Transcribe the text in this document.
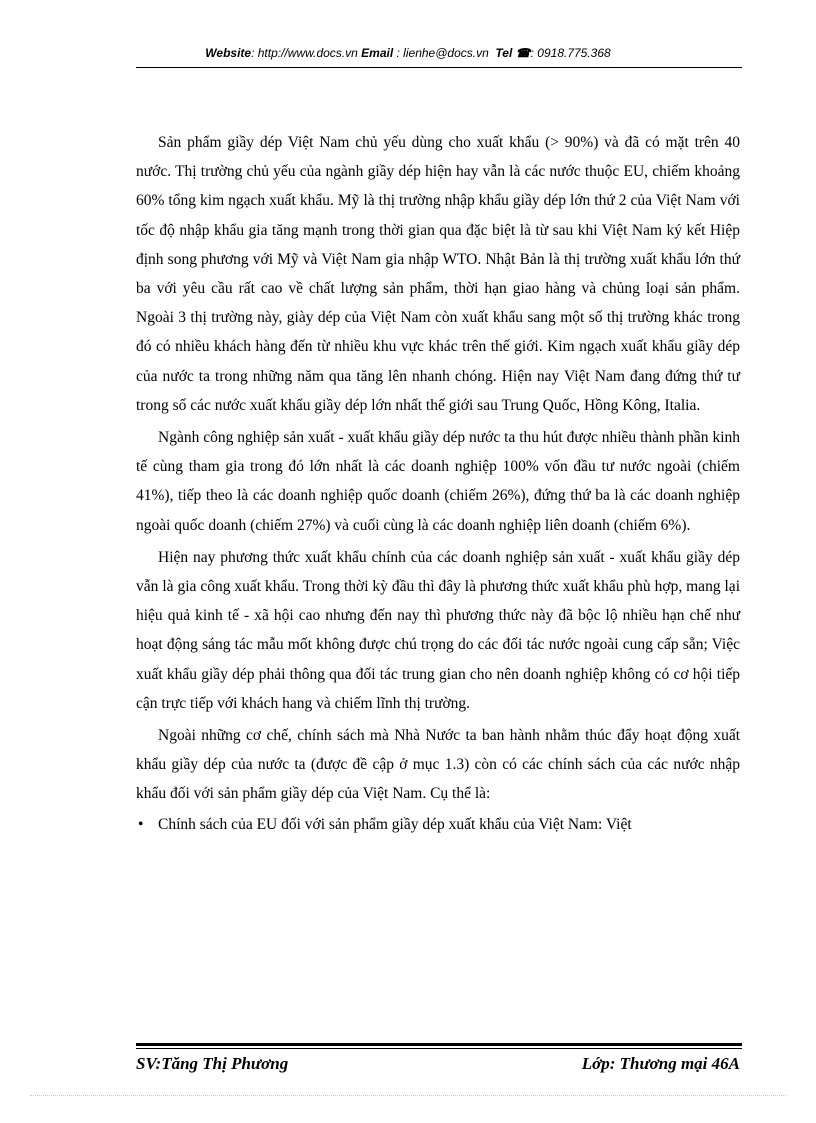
Website: http://www.docs.vn Email : lienhe@docs.vn Tel ☎: 0918.775.368

Sản phẩm giầy dép Việt Nam chủ yếu dùng cho xuất khẩu (> 90%) và đã có mặt trên 40 nước. Thị trường chủ yếu của ngành giầy dép hiện hay vẫn là các nước thuộc EU, chiếm khoảng 60% tổng kim ngạch xuất khẩu. Mỹ là thị trường nhập khẩu giầy dép lớn thứ 2 của Việt Nam với tốc độ nhập khẩu gia tăng mạnh trong thời gian qua đặc biệt là từ sau khi Việt Nam ký kết Hiệp định song phương với Mỹ và Việt Nam gia nhập WTO. Nhật Bản là thị trường xuất khẩu lớn thứ ba với yêu cầu rất cao về chất lượng sản phẩm, thời hạn giao hàng và chủng loại sản phẩm. Ngoài 3 thị trường này, giày dép của Việt Nam còn xuất khẩu sang một số thị trường khác trong đó có nhiều khách hàng đến từ nhiều khu vực khác trên thế giới. Kim ngạch xuất khẩu giầy dép của nước ta trong những năm qua tăng lên nhanh chóng. Hiện nay Việt Nam đang đứng thứ tư trong số các nước xuất khẩu giầy dép lớn nhất thế giới sau Trung Quốc, Hồng Kông, Italia.

Ngành công nghiệp sản xuất - xuất khẩu giầy dép nước ta thu hút được nhiều thành phần kinh tế cùng tham gia trong đó lớn nhất là các doanh nghiệp 100% vốn đầu tư nước ngoài (chiếm 41%), tiếp theo là các doanh nghiệp quốc doanh (chiếm 26%), đứng thứ ba là các doanh nghiệp ngoài quốc doanh (chiếm 27%) và cuối cùng là các doanh nghiệp liên doanh (chiếm 6%).

Hiện nay phương thức xuất khẩu chính của các doanh nghiệp sản xuất - xuất khẩu giầy dép vẫn là gia công xuất khẩu. Trong thời kỳ đầu thì đây là phương thức xuất khẩu phù hợp, mang lại hiệu quả kinh tế - xã hội cao nhưng đến nay thì phương thức này đã bộc lộ nhiều hạn chế như hoạt động sáng tác mẫu mốt không được chú trọng do các đối tác nước ngoài cung cấp sẵn; Việc xuất khẩu giầy dép phải thông qua đối tác trung gian cho nên doanh nghiệp không có cơ hội tiếp cận trực tiếp với khách hang và chiếm lĩnh thị trường.

Ngoài những cơ chế, chính sách mà Nhà Nước ta ban hành nhằm thúc đẩy hoạt động xuất khẩu giầy dép của nước ta (được đề cập ở mục 1.3) còn có các chính sách của các nước nhập khẩu đối với sản phẩm giầy dép của Việt Nam. Cụ thể là:

• Chính sách của EU đối với sản phẩm giầy dép xuất khẩu của Việt Nam: Việt
SV:Tăng Thị Phương	Lớp: Thương mại 46A
